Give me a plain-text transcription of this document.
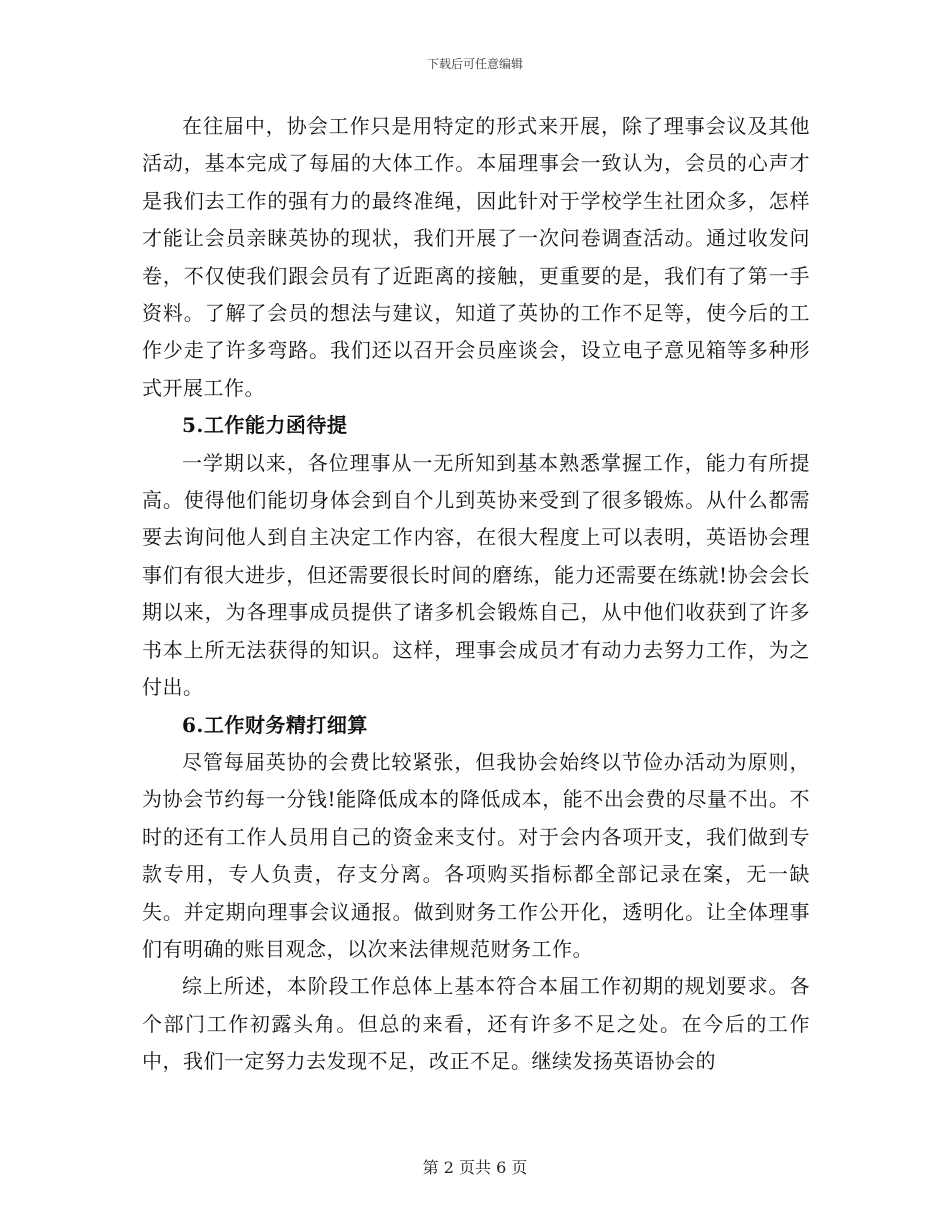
下载后可任意编辑

在往届中，协会工作只是用特定的形式来开展，除了理事会议及其他活动，基本完成了每届的大体工作。本届理事会一致认为，会员的心声才是我们去工作的强有力的最终准绳，因此针对于学校学生社团众多，怎样才能让会员亲睐英协的现状，我们开展了一次问卷调查活动。通过收发问卷，不仅使我们跟会员有了近距离的接触，更重要的是，我们有了第一手资料。了解了会员的想法与建议，知道了英协的工作不足等，使今后的工作少走了许多弯路。我们还以召开会员座谈会，设立电子意见箱等多种形式开展工作。

5.工作能力函待提

一学期以来，各位理事从一无所知到基本熟悉掌握工作，能力有所提高。使得他们能切身体会到自个儿到英协来受到了很多锻炼。从什么都需要去询问他人到自主决定工作内容，在很大程度上可以表明，英语协会理事们有很大进步，但还需要很长时间的磨练，能力还需要在练就!协会会长期以来，为各理事成员提供了诸多机会锻炼自己，从中他们收获到了许多书本上所无法获得的知识。这样，理事会成员才有动力去努力工作，为之付出。

6.工作财务精打细算

尽管每届英协的会费比较紧张，但我协会始终以节俭办活动为原则，为协会节约每一分钱!能降低成本的降低成本，能不出会费的尽量不出。不时的还有工作人员用自己的资金来支付。对于会内各项开支，我们做到专款专用，专人负责，存支分离。各项购买指标都全部记录在案，无一缺失。并定期向理事会议通报。做到财务工作公开化，透明化。让全体理事们有明确的账目观念，以次来法律规范财务工作。

综上所述，本阶段工作总体上基本符合本届工作初期的规划要求。各个部门工作初露头角。但总的来看，还有许多不足之处。在今后的工作中，我们一定努力去发现不足，改正不足。继续发扬英语协会的

第 2 页共 6 页
